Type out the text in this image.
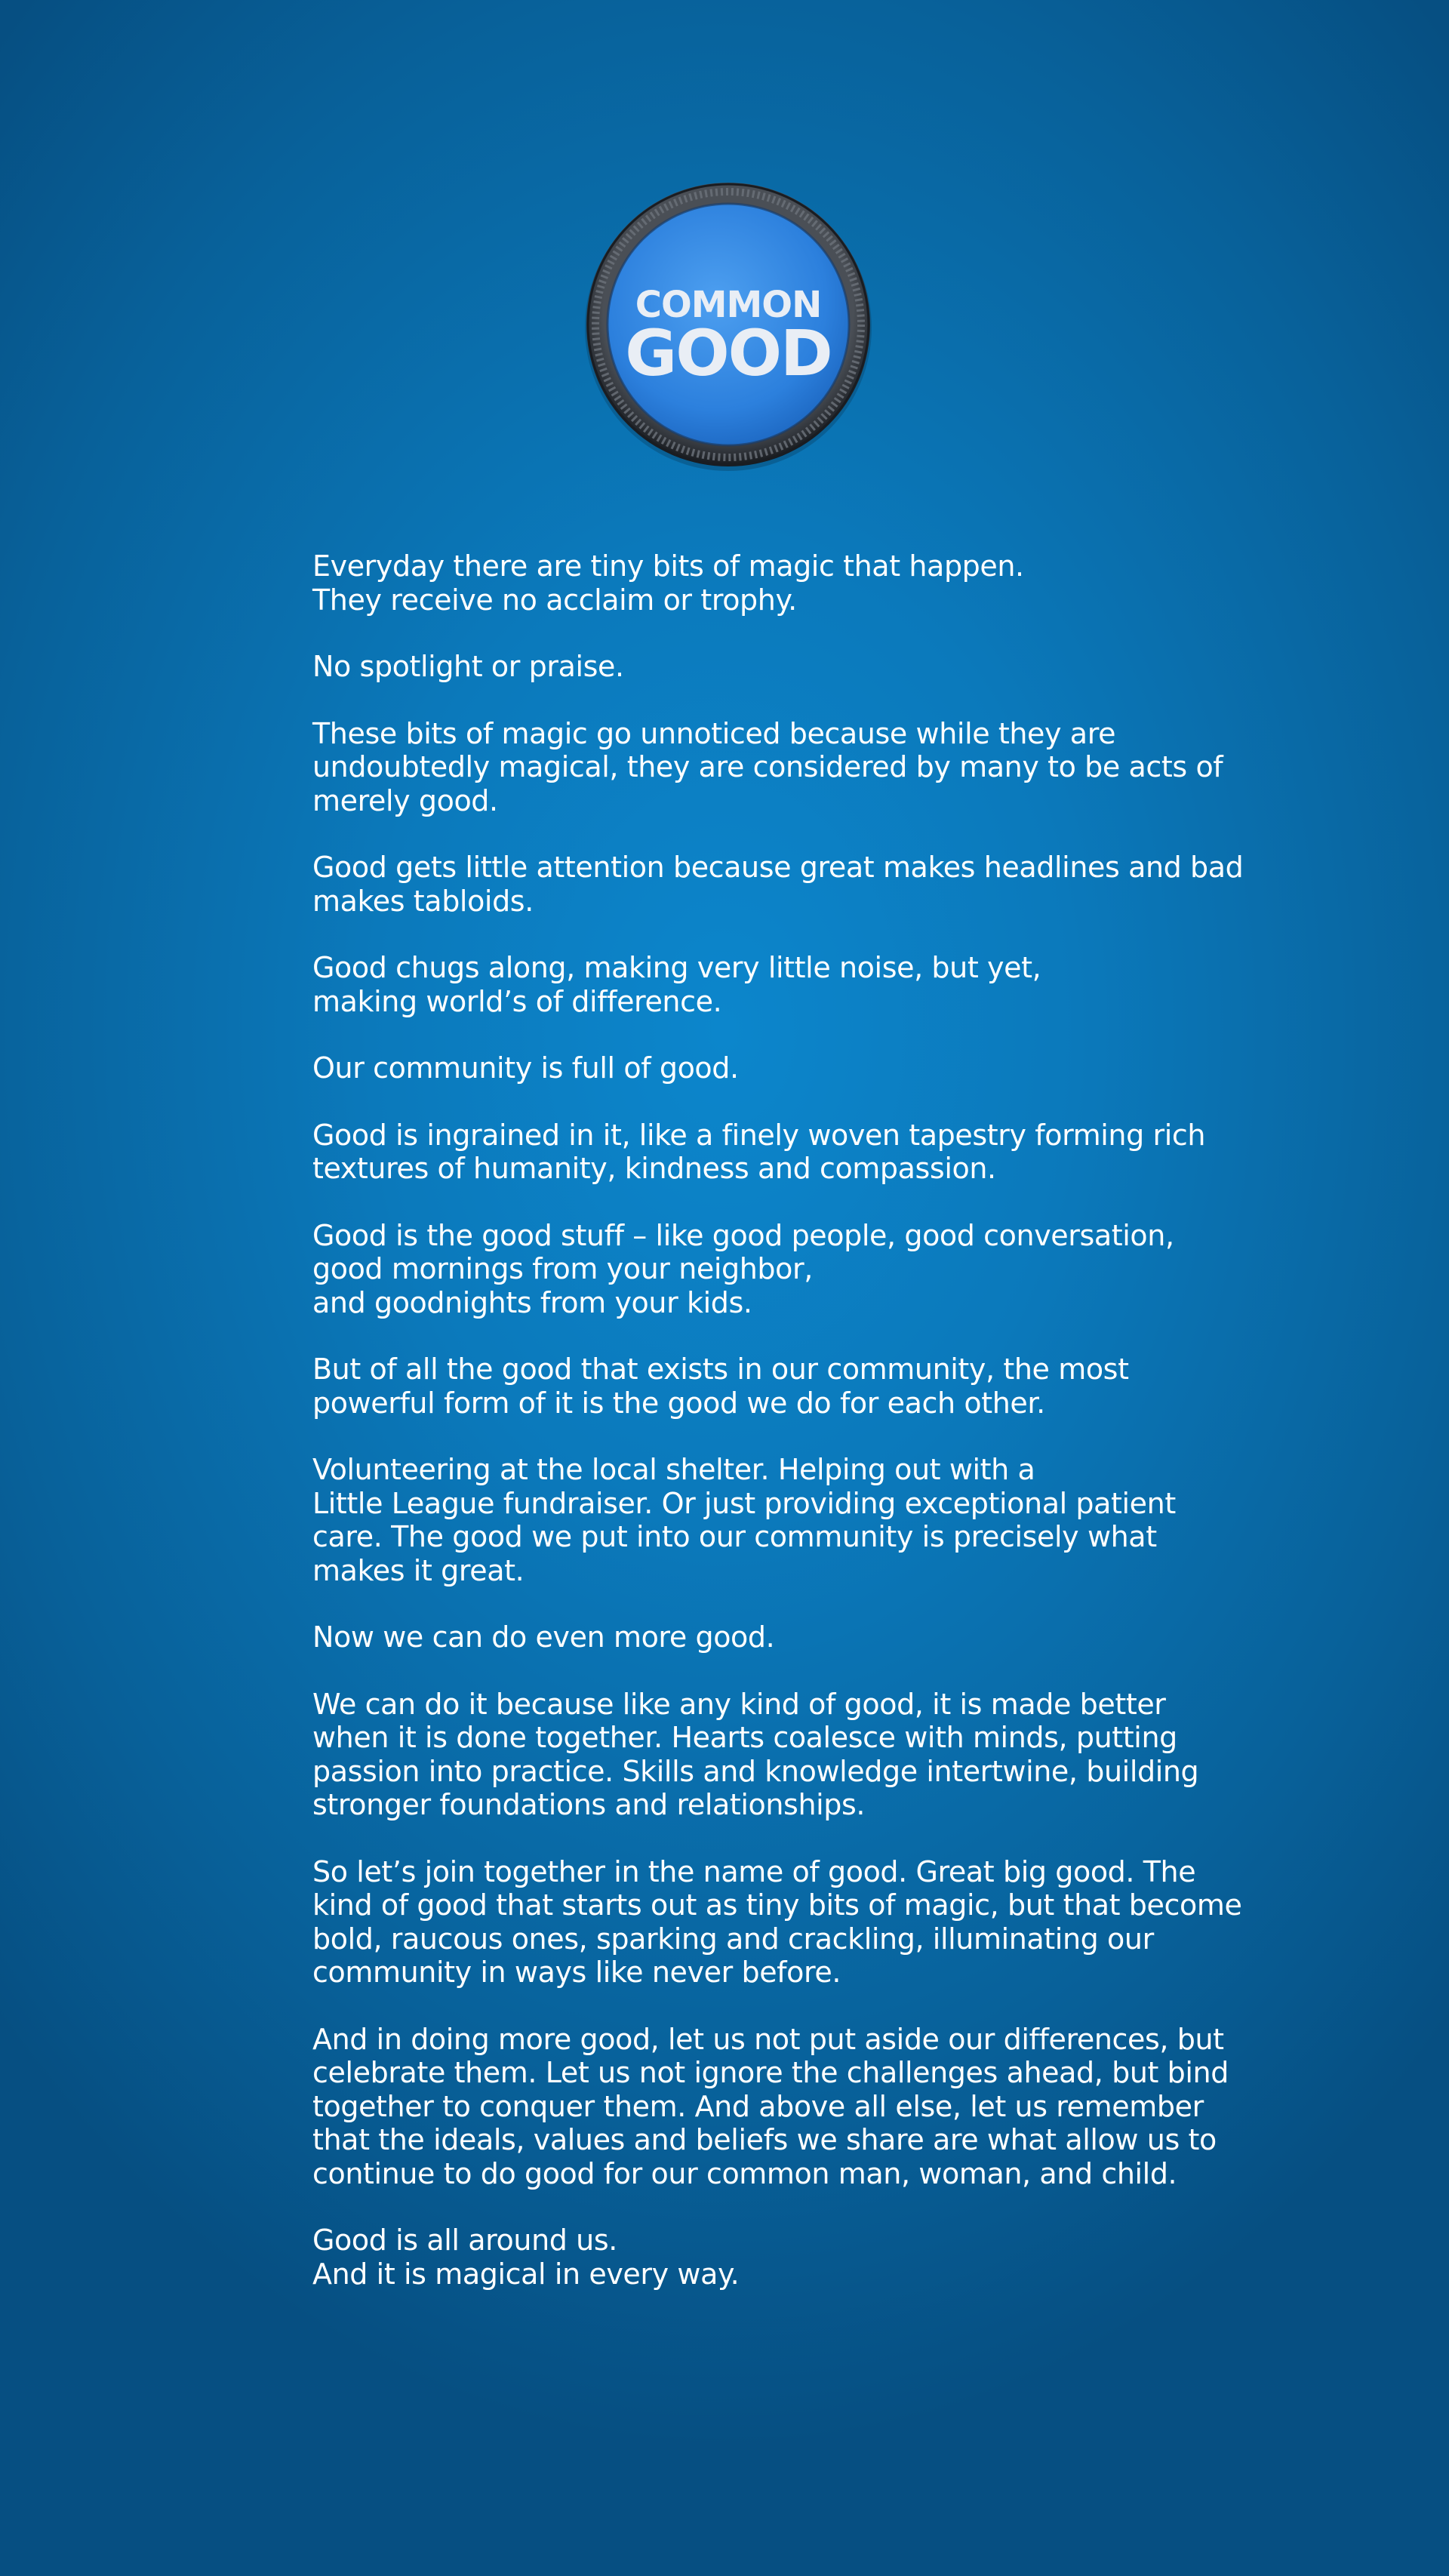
COMMON
GOOD

Everyday there are tiny bits of magic that happen.
They receive no acclaim or trophy.

No spotlight or praise.

These bits of magic go unnoticed because while they are
undoubtedly magical, they are considered by many to be acts of
merely good.

Good gets little attention because great makes headlines and bad
makes tabloids.

Good chugs along, making very little noise, but yet,
making world’s of difference.

Our community is full of good.

Good is ingrained in it, like a finely woven tapestry forming rich
textures of humanity, kindness and compassion.

Good is the good stuff – like good people, good conversation,
good mornings from your neighbor,
and goodnights from your kids.

But of all the good that exists in our community, the most
powerful form of it is the good we do for each other.

Volunteering at the local shelter. Helping out with a
Little League fundraiser. Or just providing exceptional patient
care. The good we put into our community is precisely what
makes it great.

Now we can do even more good.

We can do it because like any kind of good, it is made better
when it is done together. Hearts coalesce with minds, putting
passion into practice. Skills and knowledge intertwine, building
stronger foundations and relationships.

So let’s join together in the name of good. Great big good. The
kind of good that starts out as tiny bits of magic, but that become
bold, raucous ones, sparking and crackling, illuminating our
community in ways like never before.

And in doing more good, let us not put aside our differences, but
celebrate them. Let us not ignore the challenges ahead, but bind
together to conquer them. And above all else, let us remember
that the ideals, values and beliefs we share are what allow us to
continue to do good for our common man, woman, and child.

Good is all around us.
And it is magical in every way.
